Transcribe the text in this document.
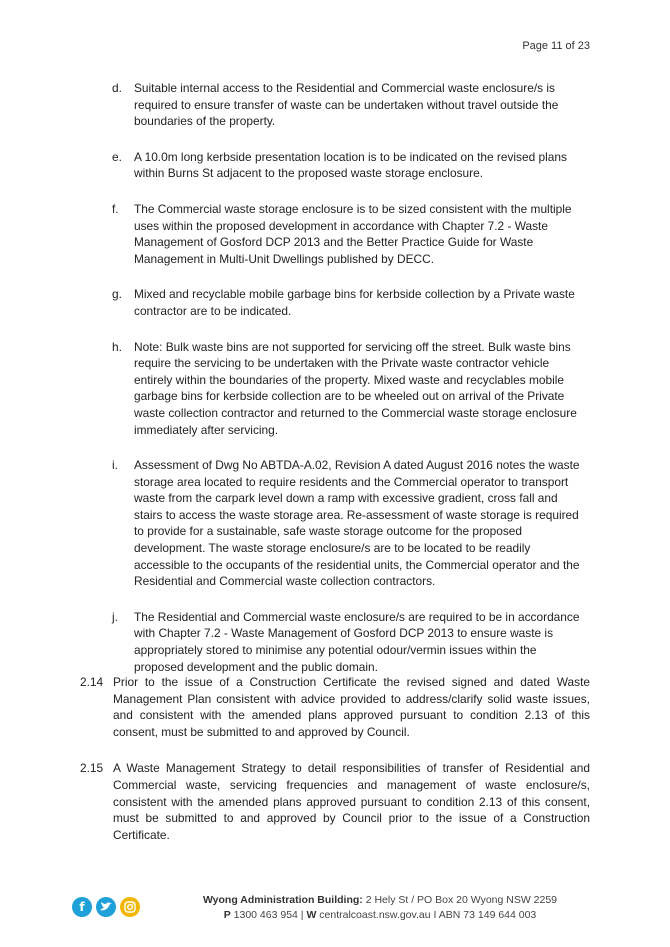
Page 11 of 23
d. Suitable internal access to the Residential and Commercial waste enclosure/s is required to ensure transfer of waste can be undertaken without travel outside the boundaries of the property.
e. A 10.0m long kerbside presentation location is to be indicated on the revised plans within Burns St adjacent to the proposed waste storage enclosure.
f. The Commercial waste storage enclosure is to be sized consistent with the multiple uses within the proposed development in accordance with Chapter 7.2 - Waste Management of Gosford DCP 2013 and the Better Practice Guide for Waste Management in Multi-Unit Dwellings published by DECC.
g. Mixed and recyclable mobile garbage bins for kerbside collection by a Private waste contractor are to be indicated.
h. Note: Bulk waste bins are not supported for servicing off the street. Bulk waste bins require the servicing to be undertaken with the Private waste contractor vehicle entirely within the boundaries of the property. Mixed waste and recyclables mobile garbage bins for kerbside collection are to be wheeled out on arrival of the Private waste collection contractor and returned to the Commercial waste storage enclosure immediately after servicing.
i. Assessment of Dwg No ABTDA-A.02, Revision A dated August 2016 notes the waste storage area located to require residents and the Commercial operator to transport waste from the carpark level down a ramp with excessive gradient, cross fall and stairs to access the waste storage area. Re-assessment of waste storage is required to provide for a sustainable, safe waste storage outcome for the proposed development. The waste storage enclosure/s are to be located to be readily accessible to the occupants of the residential units, the Commercial operator and the Residential and Commercial waste collection contractors.
j. The Residential and Commercial waste enclosure/s are required to be in accordance with Chapter 7.2 - Waste Management of Gosford DCP 2013 to ensure waste is appropriately stored to minimise any potential odour/vermin issues within the proposed development and the public domain.
2.14 Prior to the issue of a Construction Certificate the revised signed and dated Waste Management Plan consistent with advice provided to address/clarify solid waste issues, and consistent with the amended plans approved pursuant to condition 2.13 of this consent, must be submitted to and approved by Council.
2.15 A Waste Management Strategy to detail responsibilities of transfer of Residential and Commercial waste, servicing frequencies and management of waste enclosure/s, consistent with the amended plans approved pursuant to condition 2.13 of this consent, must be submitted to and approved by Council prior to the issue of a Construction Certificate.
f	Wyong Administration Building: 2 Hely St / PO Box 20 Wyong NSW 2259
P 1300 463 954 | W centralcoast.nsw.gov.au I ABN 73 149 644 003
